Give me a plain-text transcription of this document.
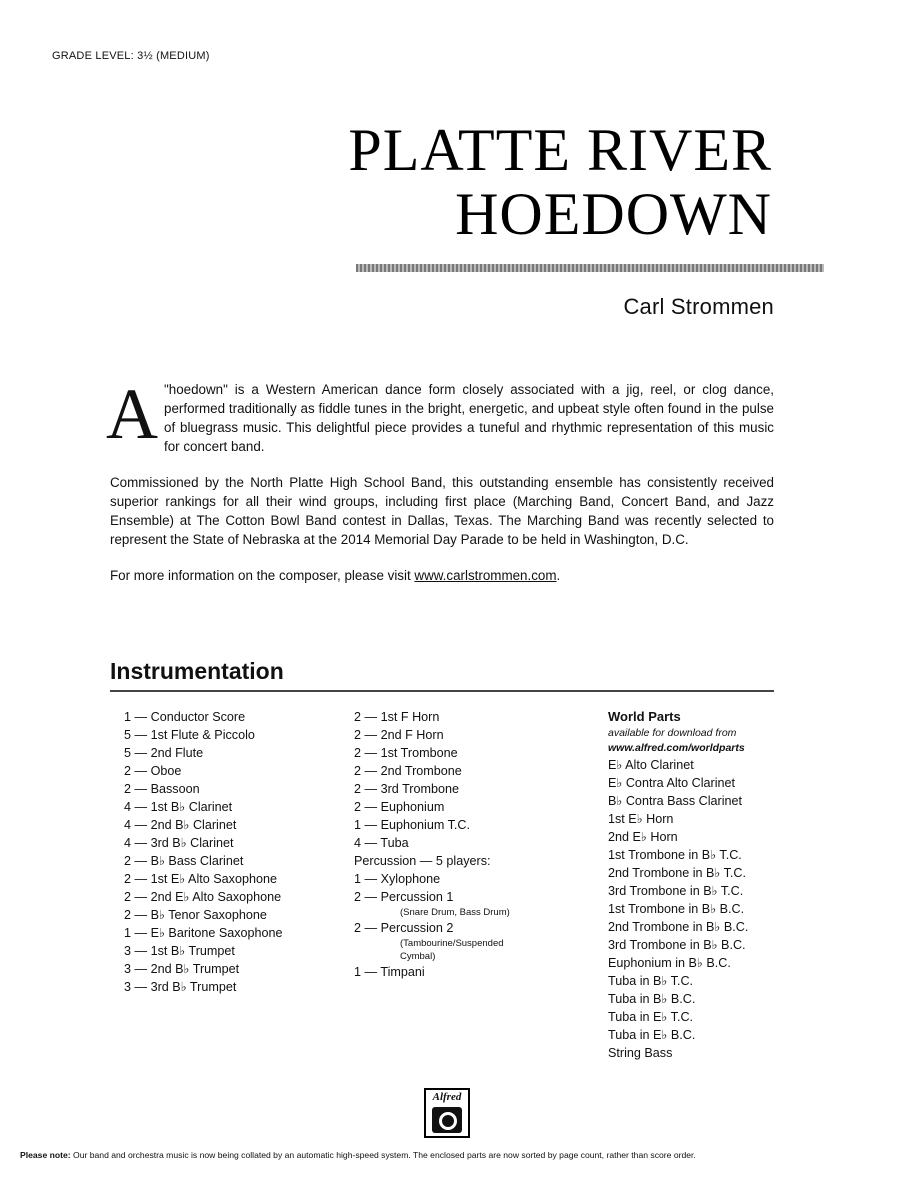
GRADE LEVEL: 3½ (MEDIUM)
PLATTE RIVER
HOEDOWN
Carl Strommen

A "hoedown" is a Western American dance form closely associated with a jig, reel, or clog dance, performed traditionally as fiddle tunes in the bright, energetic, and upbeat style often found in the pulse of bluegrass music. This delightful piece provides a tuneful and rhythmic representation of this music for concert band.

Commissioned by the North Platte High School Band, this outstanding ensemble has consistently received superior rankings for all their wind groups, including first place (Marching Band, Concert Band, and Jazz Ensemble) at The Cotton Bowl Band contest in Dallas, Texas. The Marching Band was recently selected to represent the State of Nebraska at the 2014 Memorial Day Parade to be held in Washington, D.C.

For more information on the composer, please visit www.carlstrommen.com.

Instrumentation
1 — Conductor Score
5 — 1st Flute & Piccolo
5 — 2nd Flute
2 — Oboe
2 — Bassoon
4 — 1st B♭ Clarinet
4 — 2nd B♭ Clarinet
4 — 3rd B♭ Clarinet
2 — B♭ Bass Clarinet
2 — 1st E♭ Alto Saxophone
2 — 2nd E♭ Alto Saxophone
2 — B♭ Tenor Saxophone
1 — E♭ Baritone Saxophone
3 — 1st B♭ Trumpet
3 — 2nd B♭ Trumpet
3 — 3rd B♭ Trumpet
2 — 1st F Horn
2 — 2nd F Horn
2 — 1st Trombone
2 — 2nd Trombone
2 — 3rd Trombone
2 — Euphonium
1 — Euphonium T.C.
4 — Tuba
Percussion — 5 players:
1 — Xylophone
2 — Percussion 1
(Snare Drum, Bass Drum)
2 — Percussion 2
(Tambourine/Suspended
Cymbal)
1 — Timpani
World Parts
available for download from
www.alfred.com/worldparts
E♭ Alto Clarinet
E♭ Contra Alto Clarinet
B♭ Contra Bass Clarinet
1st E♭ Horn
2nd E♭ Horn
1st Trombone in B♭ T.C.
2nd Trombone in B♭ T.C.
3rd Trombone in B♭ T.C.
1st Trombone in B♭ B.C.
2nd Trombone in B♭ B.C.
3rd Trombone in B♭ B.C.
Euphonium in B♭ B.C.
Tuba in B♭ T.C.
Tuba in B♭ B.C.
Tuba in E♭ T.C.
Tuba in E♭ B.C.
String Bass
Alfred
Please note: Our band and orchestra music is now being collated by an automatic high-speed system. The enclosed parts are now sorted by page count, rather than score order.
